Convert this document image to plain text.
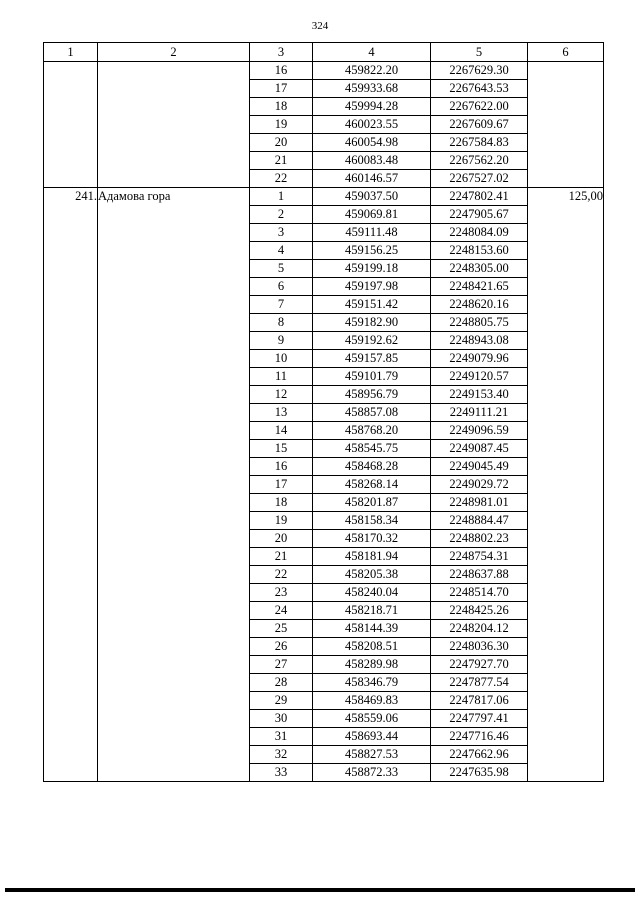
324
1	2	3	4	5	6
		16	459822.20	2267629.30	
		17	459933.68	2267643.53	
		18	459994.28	2267622.00	
		19	460023.55	2267609.67	
		20	460054.98	2267584.83	
		21	460083.48	2267562.20	
		22	460146.57	2267527.02	
241.	Адамова гора	1	459037.50	2247802.41	125,00
		2	459069.81	2247905.67	
		3	459111.48	2248084.09	
		4	459156.25	2248153.60	
		5	459199.18	2248305.00	
		6	459197.98	2248421.65	
		7	459151.42	2248620.16	
		8	459182.90	2248805.75	
		9	459192.62	2248943.08	
		10	459157.85	2249079.96	
		11	459101.79	2249120.57	
		12	458956.79	2249153.40	
		13	458857.08	2249111.21	
		14	458768.20	2249096.59	
		15	458545.75	2249087.45	
		16	458468.28	2249045.49	
		17	458268.14	2249029.72	
		18	458201.87	2248981.01	
		19	458158.34	2248884.47	
		20	458170.32	2248802.23	
		21	458181.94	2248754.31	
		22	458205.38	2248637.88	
		23	458240.04	2248514.70	
		24	458218.71	2248425.26	
		25	458144.39	2248204.12	
		26	458208.51	2248036.30	
		27	458289.98	2247927.70	
		28	458346.79	2247877.54	
		29	458469.83	2247817.06	
		30	458559.06	2247797.41	
		31	458693.44	2247716.46	
		32	458827.53	2247662.96	
		33	458872.33	2247635.98	
